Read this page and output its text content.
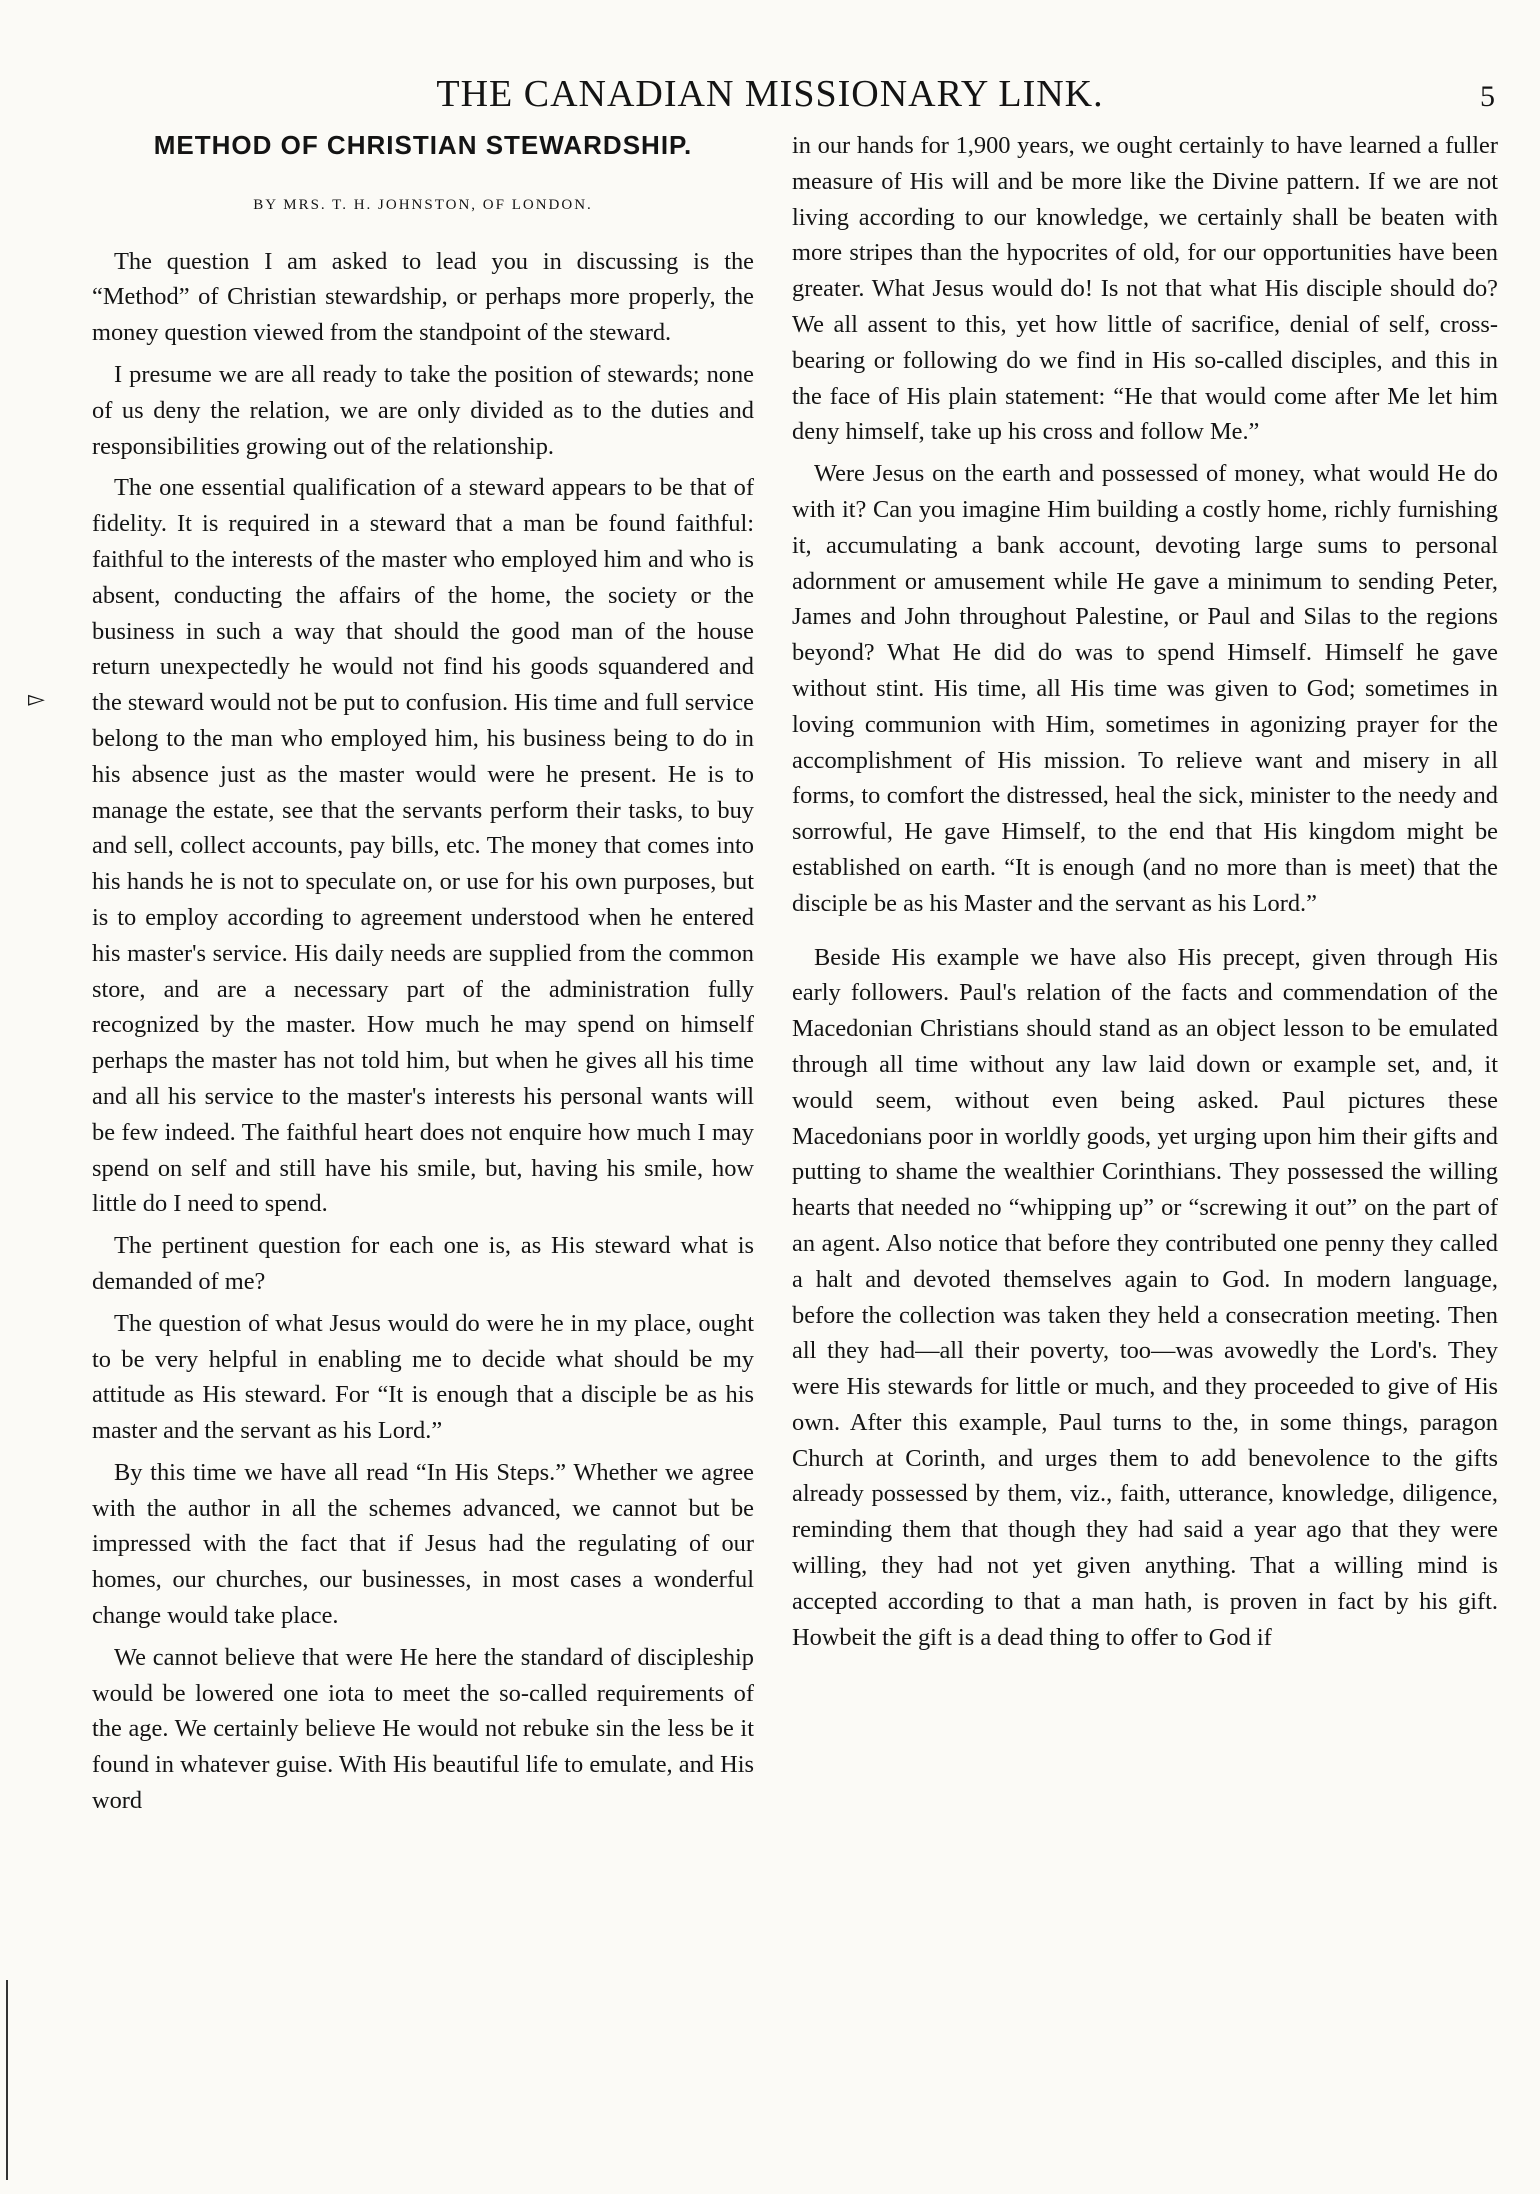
THE CANADIAN MISSIONARY LINK.	5
▻
METHOD OF CHRISTIAN STEWARDSHIP.
BY MRS. T. H. JOHNSTON, OF LONDON.

The question I am asked to lead you in discussing is the “Method” of Christian stewardship, or perhaps more properly, the money question viewed from the standpoint of the steward.

I presume we are all ready to take the position of stewards; none of us deny the relation, we are only divided as to the duties and responsibilities growing out of the relationship.

The one essential qualification of a steward appears to be that of fidelity. It is required in a steward that a man be found faithful: faithful to the interests of the master who employed him and who is absent, conducting the affairs of the home, the society or the business in such a way that should the good man of the house return unexpectedly he would not find his goods squandered and the steward would not be put to confusion. His time and full service belong to the man who employed him, his business being to do in his absence just as the master would were he present. He is to manage the estate, see that the servants perform their tasks, to buy and sell, collect accounts, pay bills, etc. The money that comes into his hands he is not to speculate on, or use for his own purposes, but is to employ according to agreement understood when he entered his master's service. His daily needs are supplied from the common store, and are a necessary part of the administration fully recognized by the master. How much he may spend on himself perhaps the master has not told him, but when he gives all his time and all his service to the master's interests his personal wants will be few indeed. The faithful heart does not enquire how much I may spend on self and still have his smile, but, having his smile, how little do I need to spend.

The pertinent question for each one is, as His steward what is demanded of me?

The question of what Jesus would do were he in my place, ought to be very helpful in enabling me to decide what should be my attitude as His steward. For “It is enough that a disciple be as his master and the servant as his Lord.”

By this time we have all read “In His Steps.” Whether we agree with the author in all the schemes advanced, we cannot but be impressed with the fact that if Jesus had the regulating of our homes, our churches, our businesses, in most cases a wonderful change would take place.

We cannot believe that were He here the standard of discipleship would be lowered one iota to meet the so-called requirements of the age. We certainly believe He would not rebuke sin the less be it found in whatever guise. With His beautiful life to emulate, and His word

in our hands for 1,900 years, we ought certainly to have learned a fuller measure of His will and be more like the Divine pattern. If we are not living according to our knowledge, we certainly shall be beaten with more stripes than the hypocrites of old, for our opportunities have been greater. What Jesus would do! Is not that what His disciple should do? We all assent to this, yet how little of sacrifice, denial of self, cross-bearing or following do we find in His so-called disciples, and this in the face of His plain statement: “He that would come after Me let him deny himself, take up his cross and follow Me.”

Were Jesus on the earth and possessed of money, what would He do with it? Can you imagine Him building a costly home, richly furnishing it, accumulating a bank account, devoting large sums to personal adornment or amusement while He gave a minimum to sending Peter, James and John throughout Palestine, or Paul and Silas to the regions beyond? What He did do was to spend Himself. Himself he gave without stint. His time, all His time was given to God; sometimes in loving communion with Him, sometimes in agonizing prayer for the accomplishment of His mission. To relieve want and misery in all forms, to comfort the distressed, heal the sick, minister to the needy and sorrowful, He gave Himself, to the end that His kingdom might be established on earth. “It is enough (and no more than is meet) that the disciple be as his Master and the servant as his Lord.”

Beside His example we have also His precept, given through His early followers. Paul's relation of the facts and commendation of the Macedonian Christians should stand as an object lesson to be emulated through all time without any law laid down or example set, and, it would seem, without even being asked. Paul pictures these Macedonians poor in worldly goods, yet urging upon him their gifts and putting to shame the wealthier Corinthians. They possessed the willing hearts that needed no “whipping up” or “screwing it out” on the part of an agent. Also notice that before they contributed one penny they called a halt and devoted themselves again to God. In modern language, before the collection was taken they held a consecration meeting. Then all they had—all their poverty, too—was avowedly the Lord's. They were His stewards for little or much, and they proceeded to give of His own. After this example, Paul turns to the, in some things, paragon Church at Corinth, and urges them to add benevolence to the gifts already possessed by them, viz., faith, utterance, knowledge, diligence, reminding them that though they had said a year ago that they were willing, they had not yet given anything. That a willing mind is accepted according to that a man hath, is proven in fact by his gift. Howbeit the gift is a dead thing to offer to God if
